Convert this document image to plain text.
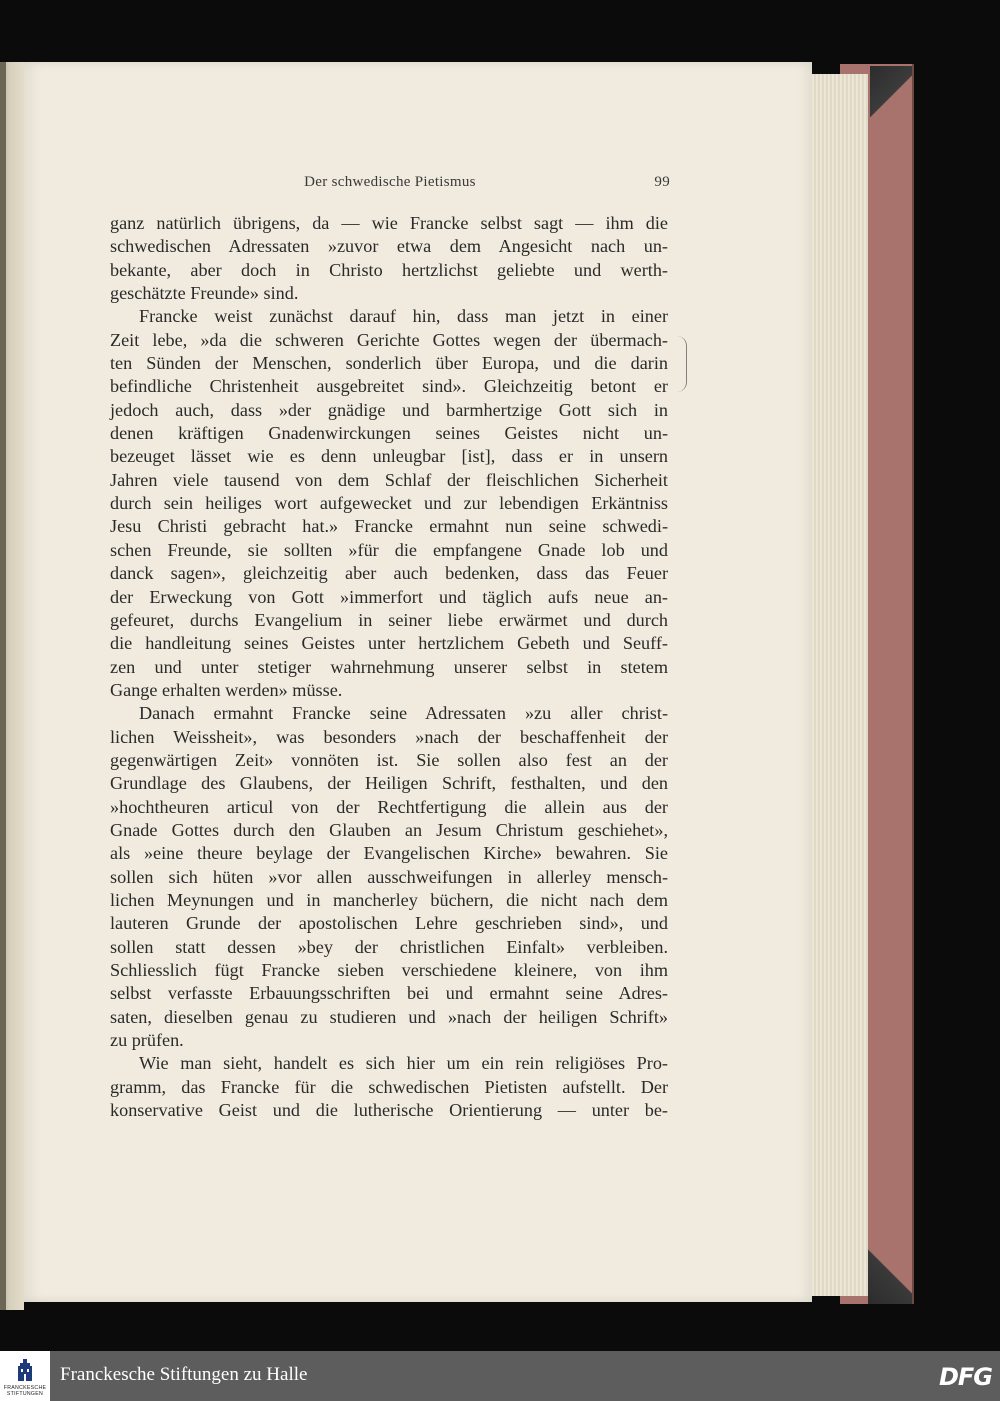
Der schwedische Pietismus	99
ganz natürlich übrigens, da — wie Francke selbst sagt — ihm die
schwedischen Adressaten »zuvor etwa dem Angesicht nach un-
bekante, aber doch in Christo hertzlichst geliebte und werth-
geschätzte Freunde» sind.
Francke weist zunächst darauf hin, dass man jetzt in einer
Zeit lebe, »da die schweren Gerichte Gottes wegen der übermach-
ten Sünden der Menschen, sonderlich über Europa, und die darin
befindliche Christenheit ausgebreitet sind». Gleichzeitig betont er
jedoch auch, dass »der gnädige und barmhertzige Gott sich in
denen kräftigen Gnadenwirckungen seines Geistes nicht un-
bezeuget lässet wie es denn unleugbar [ist], dass er in unsern
Jahren viele tausend von dem Schlaf der fleischlichen Sicherheit
durch sein heiliges wort aufgewecket und zur lebendigen Erkäntniss
Jesu Christi gebracht hat.» Francke ermahnt nun seine schwedi-
schen Freunde, sie sollten »für die empfangene Gnade lob und
danck sagen», gleichzeitig aber auch bedenken, dass das Feuer
der Erweckung von Gott »immerfort und täglich aufs neue an-
gefeuret, durchs Evangelium in seiner liebe erwärmet und durch
die handleitung seines Geistes unter hertzlichem Gebeth und Seuff-
zen und unter stetiger wahrnehmung unserer selbst in stetem
Gange erhalten werden» müsse.
Danach ermahnt Francke seine Adressaten »zu aller christ-
lichen Weissheit», was besonders »nach der beschaffenheit der
gegenwärtigen Zeit» vonnöten ist. Sie sollen also fest an der
Grundlage des Glaubens, der Heiligen Schrift, festhalten, und den
»hochtheuren articul von der Rechtfertigung die allein aus der
Gnade Gottes durch den Glauben an Jesum Christum geschiehet»,
als »eine theure beylage der Evangelischen Kirche» bewahren. Sie
sollen sich hüten »vor allen ausschweifungen in allerley mensch-
lichen Meynungen und in mancherley büchern, die nicht nach dem
lauteren Grunde der apostolischen Lehre geschrieben sind», und
sollen statt dessen »bey der christlichen Einfalt» verbleiben.
Schliesslich fügt Francke sieben verschiedene kleinere, von ihm
selbst verfasste Erbauungsschriften bei und ermahnt seine Adres-
saten, dieselben genau zu studieren und »nach der heiligen Schrift»
zu prüfen.
Wie man sieht, handelt es sich hier um ein rein religiöses Pro-
gramm, das Francke für die schwedischen Pietisten aufstellt. Der
konservative Geist und die lutherische Orientierung — unter be-
FRANCKESCHE STIFTUNGEN
Franckesche Stiftungen zu Halle	DFG
